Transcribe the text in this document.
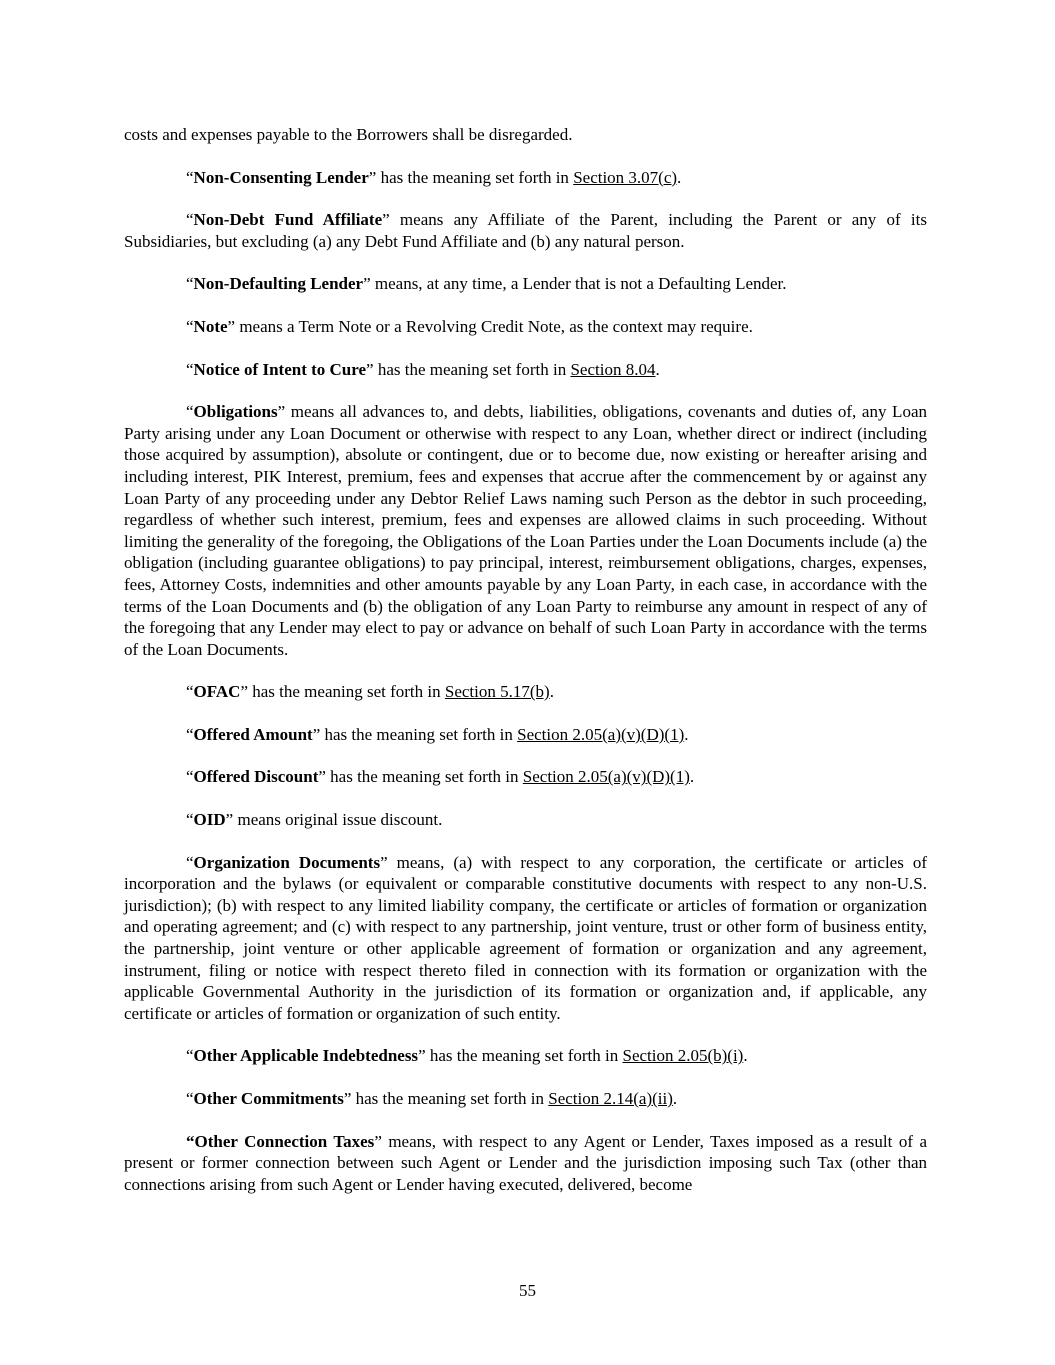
costs and expenses payable to the Borrowers shall be disregarded.

“Non-Consenting Lender” has the meaning set forth in Section 3.07(c).

“Non-Debt Fund Affiliate” means any Affiliate of the Parent, including the Parent or any of its Subsidiaries, but excluding (a) any Debt Fund Affiliate and (b) any natural person.

“Non-Defaulting Lender” means, at any time, a Lender that is not a Defaulting Lender.

“Note” means a Term Note or a Revolving Credit Note, as the context may require.

“Notice of Intent to Cure” has the meaning set forth in Section 8.04.

“Obligations” means all advances to, and debts, liabilities, obligations, covenants and duties of, any Loan Party arising under any Loan Document or otherwise with respect to any Loan, whether direct or indirect (including those acquired by assumption), absolute or contingent, due or to become due, now existing or hereafter arising and including interest, PIK Interest, premium, fees and expenses that accrue after the commencement by or against any Loan Party of any proceeding under any Debtor Relief Laws naming such Person as the debtor in such proceeding, regardless of whether such interest, premium, fees and expenses are allowed claims in such proceeding. Without limiting the generality of the foregoing, the Obligations of the Loan Parties under the Loan Documents include (a) the obligation (including guarantee obligations) to pay principal, interest, reimbursement obligations, charges, expenses, fees, Attorney Costs, indemnities and other amounts payable by any Loan Party, in each case, in accordance with the terms of the Loan Documents and (b) the obligation of any Loan Party to reimburse any amount in respect of any of the foregoing that any Lender may elect to pay or advance on behalf of such Loan Party in accordance with the terms of the Loan Documents.

“OFAC” has the meaning set forth in Section 5.17(b).

“Offered Amount” has the meaning set forth in Section 2.05(a)(v)(D)(1).

“Offered Discount” has the meaning set forth in Section 2.05(a)(v)(D)(1).

“OID” means original issue discount.

“Organization Documents” means, (a) with respect to any corporation, the certificate or articles of incorporation and the bylaws (or equivalent or comparable constitutive documents with respect to any non-U.S. jurisdiction); (b) with respect to any limited liability company, the certificate or articles of formation or organization and operating agreement; and (c) with respect to any partnership, joint venture, trust or other form of business entity, the partnership, joint venture or other applicable agreement of formation or organization and any agreement, instrument, filing or notice with respect thereto filed in connection with its formation or organization with the applicable Governmental Authority in the jurisdiction of its formation or organization and, if applicable, any certificate or articles of formation or organization of such entity.

“Other Applicable Indebtedness” has the meaning set forth in Section 2.05(b)(i).

“Other Commitments” has the meaning set forth in Section 2.14(a)(ii).

“Other Connection Taxes” means, with respect to any Agent or Lender, Taxes imposed as a result of a present or former connection between such Agent or Lender and the jurisdiction imposing such Tax (other than connections arising from such Agent or Lender having executed, delivered, become

55
